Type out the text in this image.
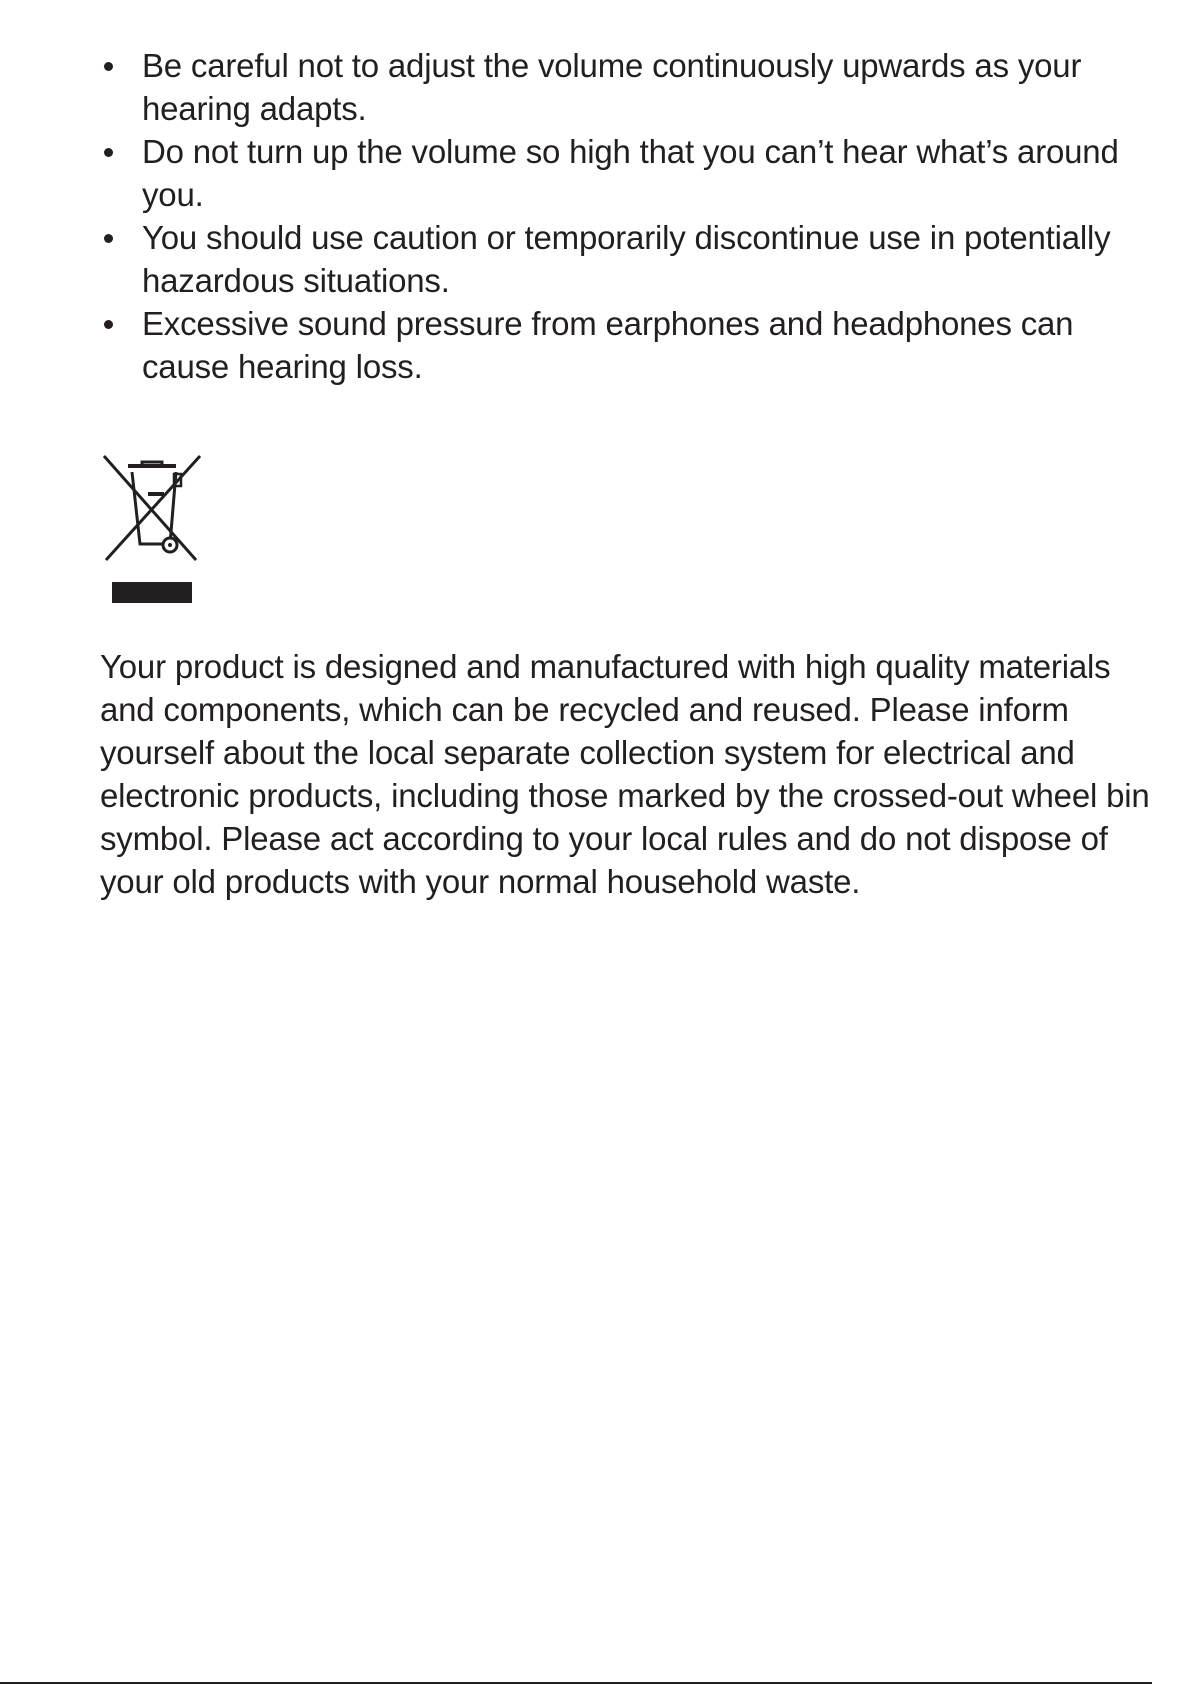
Be careful not to adjust the volume continuously upwards as your hearing adapts.
Do not turn up the volume so high that you can’t hear what’s around you.
You should use caution or temporarily discontinue use in potentially hazardous situations.
Excessive sound pressure from earphones and headphones can cause hearing loss.

Your product is designed and manufactured with high quality materials and components, which can be recycled and reused. Please inform yourself about the local separate collection system for electrical and electronic products, including those marked by the crossed-out wheel bin symbol. Please act according to your local rules and do not dispose of your old products with your normal household waste.
